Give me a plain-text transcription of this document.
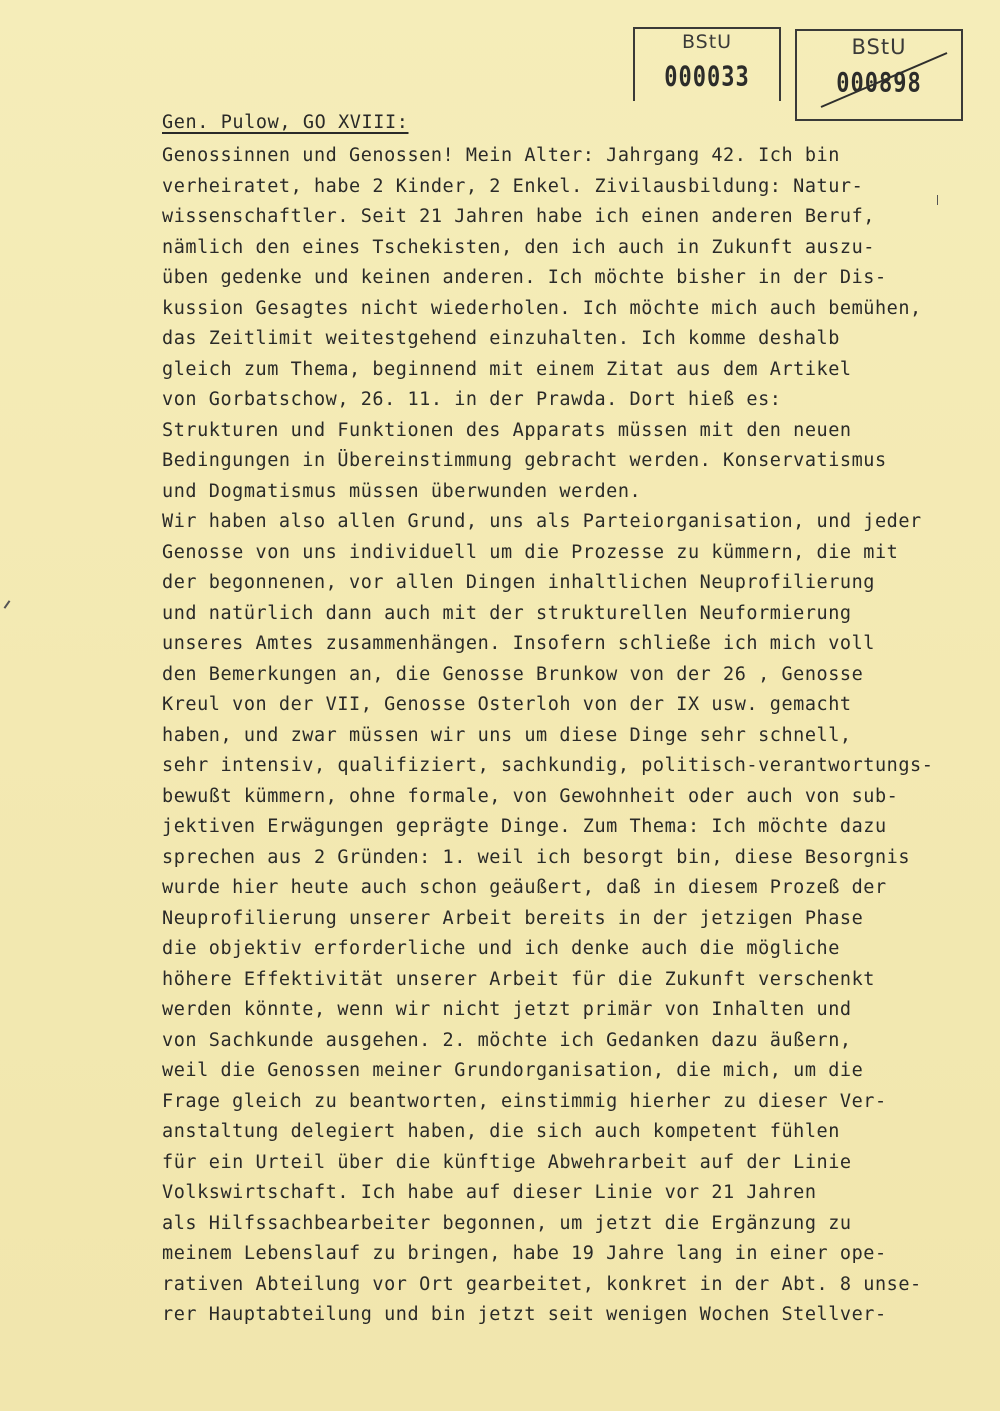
BStU
000033
BStU
000898
Gen. Pulow, GO XVIII:
Genossinnen und Genossen! Mein Alter: Jahrgang 42. Ich bin
verheiratet, habe 2 Kinder, 2 Enkel. Zivilausbildung: Natur-
wissenschaftler. Seit 21 Jahren habe ich einen anderen Beruf,
nämlich den eines Tschekisten, den ich auch in Zukunft auszu-
üben gedenke und keinen anderen. Ich möchte bisher in der Dis-
kussion Gesagtes nicht wiederholen. Ich möchte mich auch bemühen,
das Zeitlimit weitestgehend einzuhalten. Ich komme deshalb
gleich zum Thema, beginnend mit einem Zitat aus dem Artikel
von Gorbatschow, 26. 11. in der Prawda. Dort hieß es:
Strukturen und Funktionen des Apparats müssen mit den neuen
Bedingungen in Übereinstimmung gebracht werden. Konservatismus
und Dogmatismus müssen überwunden werden.
Wir haben also allen Grund, uns als Parteiorganisation, und jeder
Genosse von uns individuell um die Prozesse zu kümmern, die mit
der begonnenen, vor allen Dingen inhaltlichen Neuprofilierung
und natürlich dann auch mit der strukturellen Neuformierung
unseres Amtes zusammenhängen. Insofern schließe ich mich voll
den Bemerkungen an, die Genosse Brunkow von der 26 , Genosse
Kreul von der VII, Genosse Osterloh von der IX usw. gemacht
haben, und zwar müssen wir uns um diese Dinge sehr schnell,
sehr intensiv, qualifiziert, sachkundig, politisch-verantwortungs-
bewußt kümmern, ohne formale, von Gewohnheit oder auch von sub-
jektiven Erwägungen geprägte Dinge. Zum Thema: Ich möchte dazu
sprechen aus 2 Gründen: 1. weil ich besorgt bin, diese Besorgnis
wurde hier heute auch schon geäußert, daß in diesem Prozeß der
Neuprofilierung unserer Arbeit bereits in der jetzigen Phase
die objektiv erforderliche und ich denke auch die mögliche
höhere Effektivität unserer Arbeit für die Zukunft verschenkt
werden könnte, wenn wir nicht jetzt primär von Inhalten und
von Sachkunde ausgehen. 2. möchte ich Gedanken dazu äußern,
weil die Genossen meiner Grundorganisation, die mich, um die
Frage gleich zu beantworten, einstimmig hierher zu dieser Ver-
anstaltung delegiert haben, die sich auch kompetent fühlen
für ein Urteil über die künftige Abwehrarbeit auf der Linie
Volkswirtschaft. Ich habe auf dieser Linie vor 21 Jahren
als Hilfssachbearbeiter begonnen, um jetzt die Ergänzung zu
meinem Lebenslauf zu bringen, habe 19 Jahre lang in einer ope-
rativen Abteilung vor Ort gearbeitet, konkret in der Abt. 8 unse-
rer Hauptabteilung und bin jetzt seit wenigen Wochen Stellver-
